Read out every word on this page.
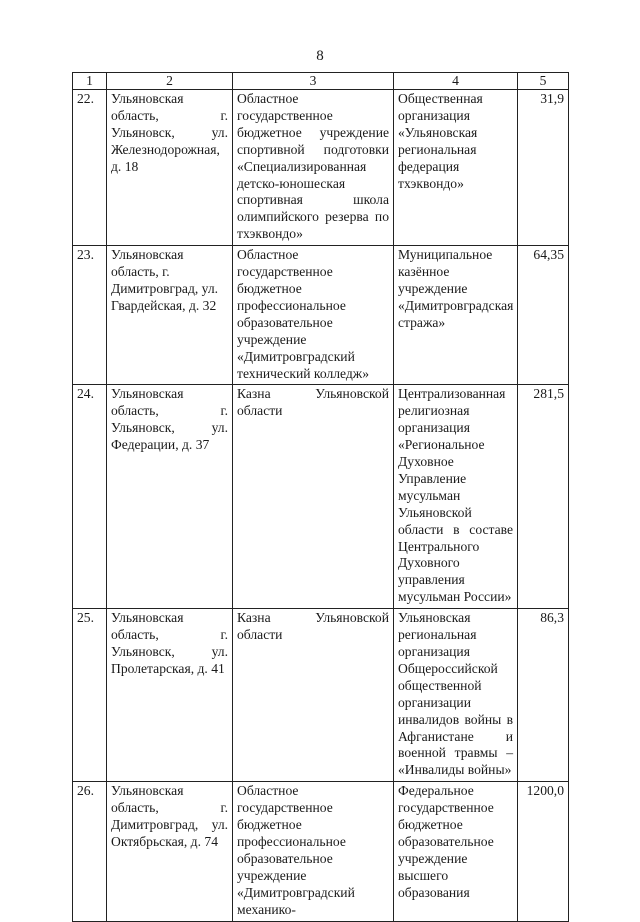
8
1	2	3	4	5
22.	Ульяновская область, г. Ульяновск, ул. Железнодорожная, д. 18	Областное государственное бюджетное учреждение спортивной подготовки «Специализированная детско-юношеская спортивная школа олимпийского резерва по тхэквондо»	Общественная организация «Ульяновская региональная федерация тхэквондо»	31,9
23.	Ульяновская область, г. Димитровград, ул. Гвардейская, д. 32	Областное государственное бюджетное профессиональное образовательное учреждение «Димитровградский технический колледж»	Муниципальное казённое учреждение «Димитровградская стража»	64,35
24.	Ульяновская область, г. Ульяновск, ул. Федерации, д. 37	Казна Ульяновской области	Централизованная религиозная организация «Региональное Духовное Управление мусульман Ульяновской области в составе Центрального Духовного управления мусульман России»	281,5
25.	Ульяновская область, г. Ульяновск, ул. Пролетарская, д. 41	Казна Ульяновской области	Ульяновская региональная организация Общероссийской общественной организации инвалидов войны в Афганистане и военной травмы – «Инвалиды войны»	86,3
26.	Ульяновская область, г. Димитровград, ул. Октябрьская, д. 74	Областное государственное бюджетное профессиональное образовательное учреждение «Димитровградский механико-	Федеральное государственное бюджетное образовательное учреждение высшего образования	1200,0
